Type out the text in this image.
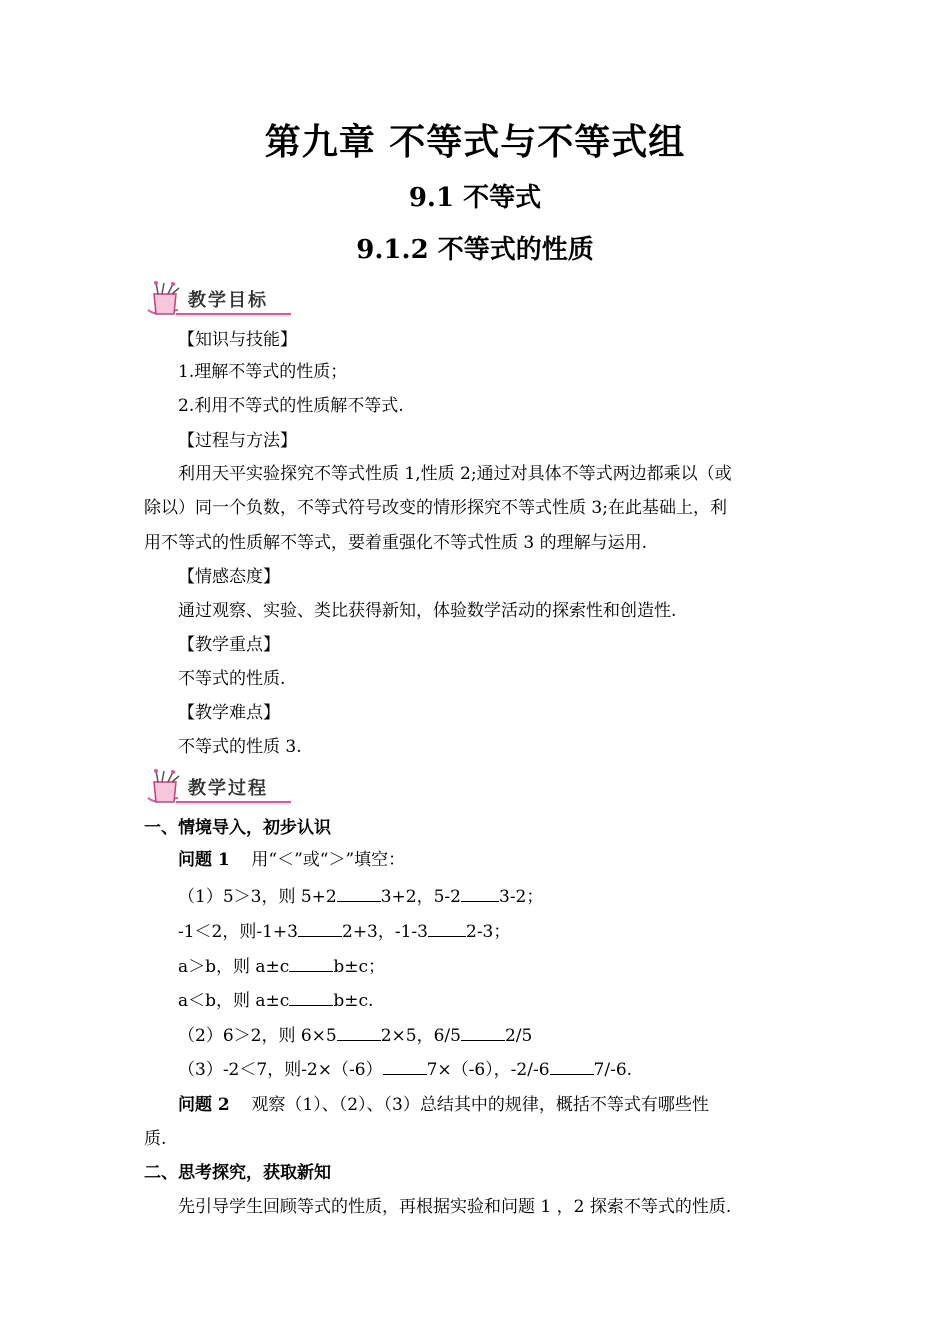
第九章 不等式与不等式组
9.1 不等式
9.1.2 不等式的性质
教学目标
【知识与技能】
1.理解不等式的性质；
2.利用不等式的性质解不等式.
【过程与方法】
利用天平实验探究不等式性质 1,性质 2;通过对具体不等式两边都乘以（或
除以）同一个负数，不等式符号改变的情形探究不等式性质 3;在此基础上，利
用不等式的性质解不等式，要着重强化不等式性质 3 的理解与运用.
【情感态度】
通过观察、实验、类比获得新知，体验数学活动的探索性和创造性.
【教学重点】
不等式的性质.
【教学难点】
不等式的性质 3.
教学过程
一、情境导入，初步认识
问题 1 用“＜”或“＞”填空：
（1）5＞3，则 5+2	3+2，5-2 3-2；
-1＜2，则-1+3	2+3，-1-3 2-3；
a＞b，则 a±c	b±c；
a＜b，则 a±c	b±c.
（2）6＞2，则 6×5	2×5，6/5	2/5
（3）-2＜7，则-2×（-6）	7×（-6），-2/-6	7/-6.
问题 2 观察（1）、（2）、（3）总结其中的规律，概括不等式有哪些性
质.
二、思考探究，获取新知
先引导学生回顾等式的性质，再根据实验和问题 1 ，2 探索不等式的性质.
